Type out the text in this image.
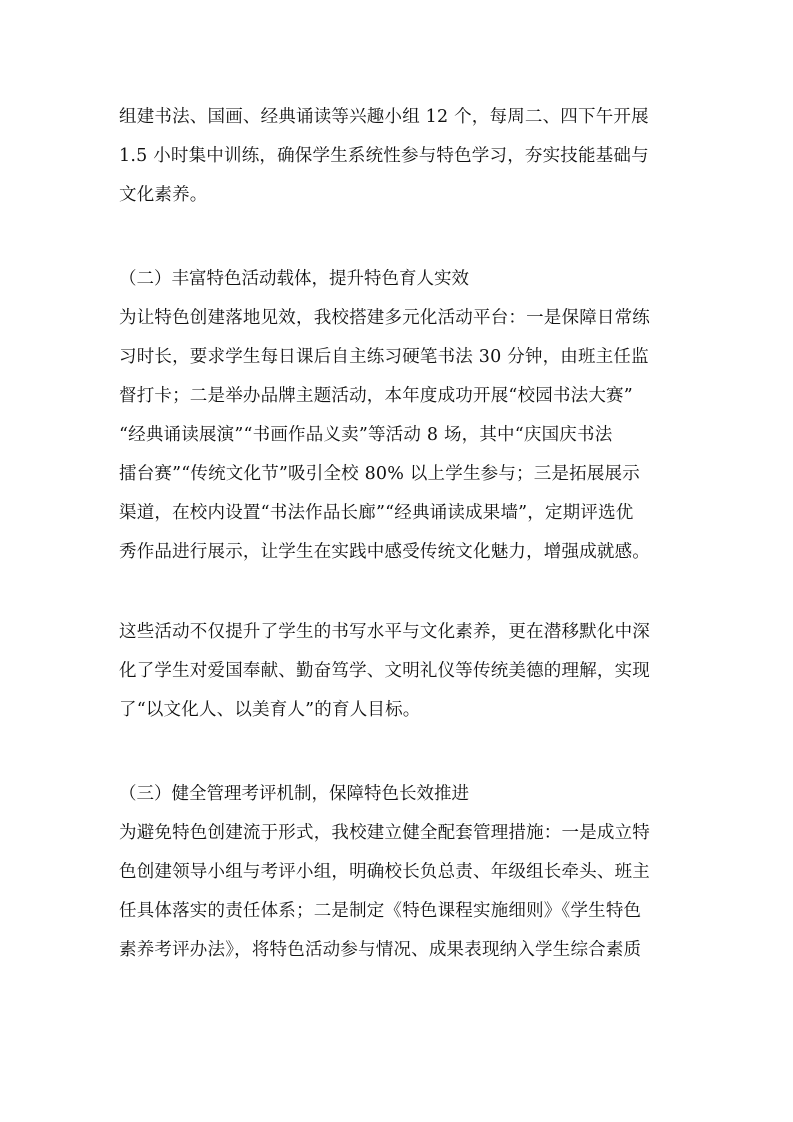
组建书法、国画、经典诵读等兴趣小组 12 个，每周二、四下午开展
1.5 小时集中训练，确保学生系统性参与特色学习，夯实技能基础与
文化素养。
（二）丰富特色活动载体，提升特色育人实效
为让特色创建落地见效，我校搭建多元化活动平台：一是保障日常练
习时长，要求学生每日课后自主练习硬笔书法 30 分钟，由班主任监
督打卡；二是举办品牌主题活动，本年度成功开展“校园书法大赛”
“经典诵读展演”“书画作品义卖”等活动 8 场，其中“庆国庆书法
擂台赛”“传统文化节”吸引全校 80% 以上学生参与；三是拓展展示
渠道，在校内设置“书法作品长廊”“经典诵读成果墙”，定期评选优
秀作品进行展示，让学生在实践中感受传统文化魅力，增强成就感。
这些活动不仅提升了学生的书写水平与文化素养，更在潜移默化中深
化了学生对爱国奉献、勤奋笃学、文明礼仪等传统美德的理解，实现
了“以文化人、以美育人”的育人目标。
（三）健全管理考评机制，保障特色长效推进
为避免特色创建流于形式，我校建立健全配套管理措施：一是成立特
色创建领导小组与考评小组，明确校长负总责、年级组长牵头、班主
任具体落实的责任体系；二是制定《特色课程实施细则》《学生特色
素养考评办法》，将特色活动参与情况、成果表现纳入学生综合素质
